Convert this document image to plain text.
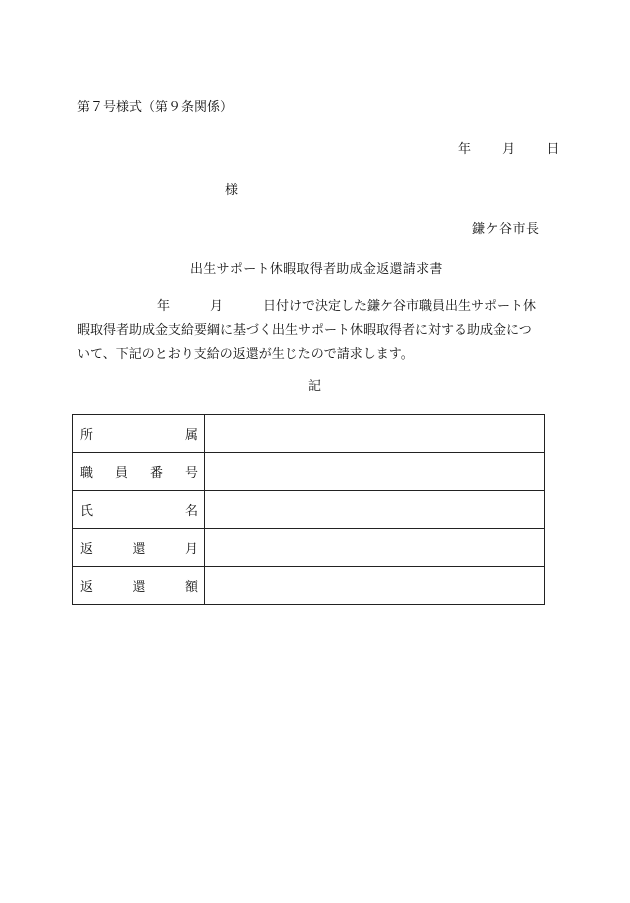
第７号様式（第９条関係）
年 月 日
様
鎌ケ谷市長
出生サポート休暇取得者助成金返還請求書
年	月	日付けで決定した鎌ケ谷市職員出生サポート休
暇取得者助成金支給要綱に基づく出生サポート休暇取得者に対する助成金につ
いて、下記のとおり支給の返還が生じたので請求します。
記
所 属	

職 員 番 号	

氏 名	

返 還 月	

返 還 額	
